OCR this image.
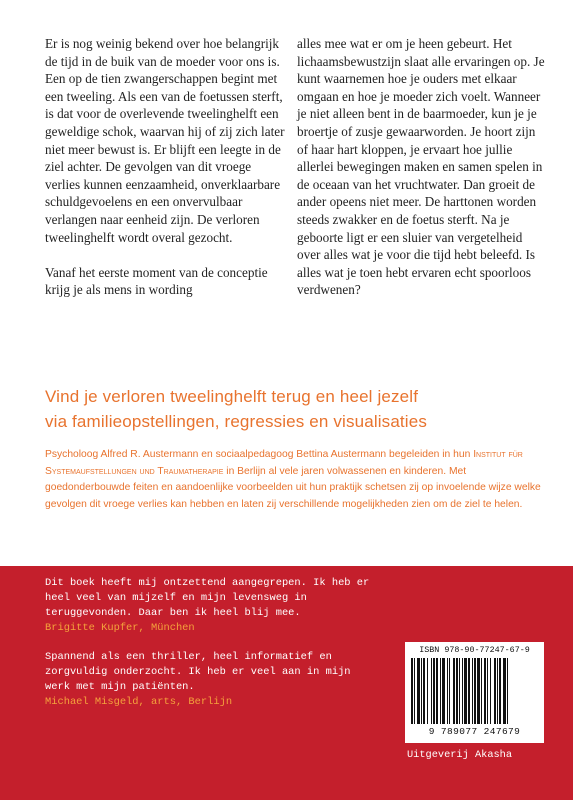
Er is nog weinig bekend over hoe belangrijk de tijd in de buik van de moeder voor ons is. Een op de tien zwangerschappen begint met een tweeling. Als een van de foetussen sterft, is dat voor de overlevende tweelinghelft een geweldige schok, waarvan hij of zij zich later niet meer bewust is. Er blijft een leegte in de ziel achter. De gevolgen van dit vroege verlies kunnen eenzaamheid, onverklaarbare schuldgevoelens en een onvervulbaar verlangen naar eenheid zijn. De verloren tweelinghelft wordt overal gezocht.

Vanaf het eerste moment van de conceptie krijg je als mens in wording

alles mee wat er om je heen gebeurt. Het lichaamsbewustzijn slaat alle ervaringen op. Je kunt waarnemen hoe je ouders met elkaar omgaan en hoe je moeder zich voelt. Wanneer je niet alleen bent in de baarmoeder, kun je je broertje of zusje gewaarworden. Je hoort zijn of haar hart kloppen, je ervaart hoe jullie allerlei bewegingen maken en samen spelen in de oceaan van het vruchtwater. Dan groeit de ander opeens niet meer. De harttonen worden steeds zwakker en de foetus sterft. Na je geboorte ligt er een sluier van vergetelheid over alles wat je voor die tijd hebt beleefd. Is alles wat je toen hebt ervaren echt spoorloos verdwenen?

Vind je verloren tweelinghelft terug en heel jezelf
via familieopstellingen, regressies en visualisaties
Psycholoog Alfred R. Austermann en sociaalpedagoog Bettina Austermann begeleiden in hun Institut für Systemaufstellungen und Traumatherapie in Berlijn al vele jaren volwassenen en kinderen. Met goedonderbouwde feiten en aandoenlijke voorbeelden uit hun praktijk schetsen zij op invoelende wijze welke gevolgen dit vroege verlies kan hebben en laten zij verschillende mogelijkheden zien om de ziel te helen.
Dit boek heeft mij ontzettend aangegrepen. Ik heb er heel veel van mijzelf en mijn levensweg in teruggevonden. Daar ben ik heel blij mee.
Brigitte Kupfer, München
Spannend als een thriller, heel informatief en zorgvuldig onderzocht. Ik heb er veel aan in mijn werk met mijn patiënten.
Michael Misgeld, arts, Berlijn
ISBN 978-90-77247-67-9
9 789077 247679
Uitgeverij Akasha
